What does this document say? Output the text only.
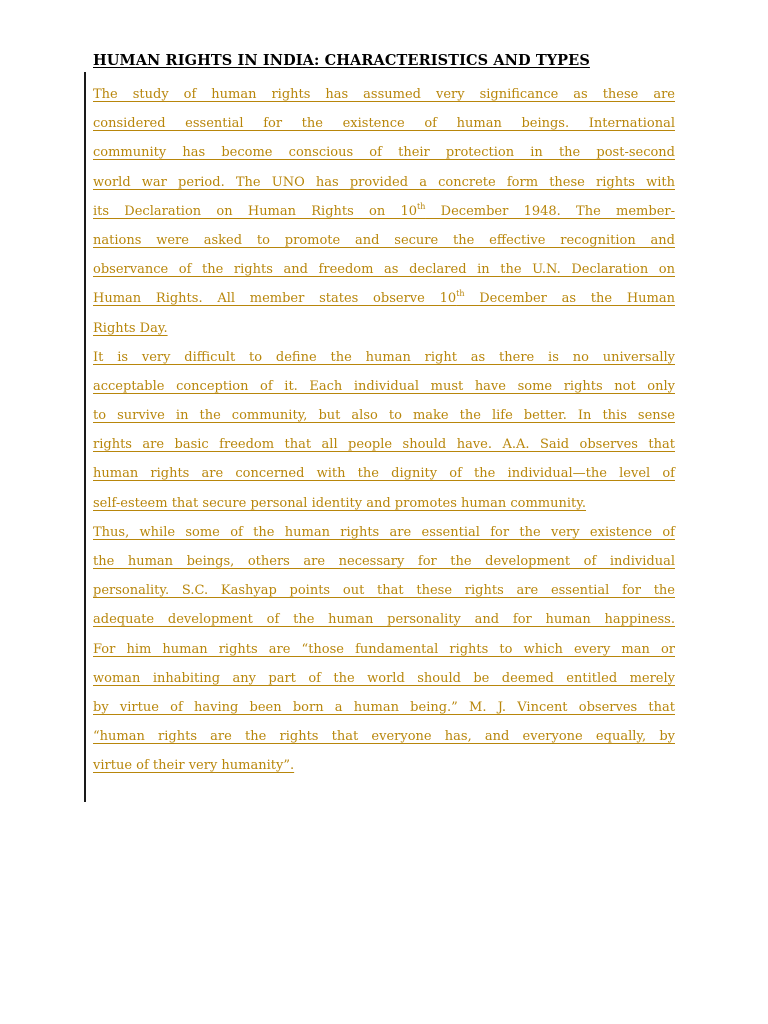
HUMAN RIGHTS IN INDIA: CHARACTERISTICS AND TYPES
The study of human rights has assumed very significance as these are
considered essential for the existence of human beings. International
community has become conscious of their protection in the post-second
world war period. The UNO has provided a concrete form these rights with
its Declaration on Human Rights on 10th December 1948. The member-
nations were asked to promote and secure the effective recognition and
observance of the rights and freedom as declared in the U.N. Declaration on
Human Rights. All member states observe 10th December as the Human
Rights Day.
It is very difficult to define the human right as there is no universally
acceptable conception of it. Each individual must have some rights not only
to survive in the community, but also to make the life better. In this sense
rights are basic freedom that all people should have. A.A. Said observes that
human rights are concerned with the dignity of the individual—the level of
self-esteem that secure personal identity and promotes human community.
Thus, while some of the human rights are essential for the very existence of
the human beings, others are necessary for the development of individual
personality. S.C. Kashyap points out that these rights are essential for the
adequate development of the human personality and for human happiness.
For him human rights are “those fundamental rights to which every man or
woman inhabiting any part of the world should be deemed entitled merely
by virtue of having been born a human being.” M. J. Vincent observes that
“human rights are the rights that everyone has, and everyone equally, by
virtue of their very humanity”.
